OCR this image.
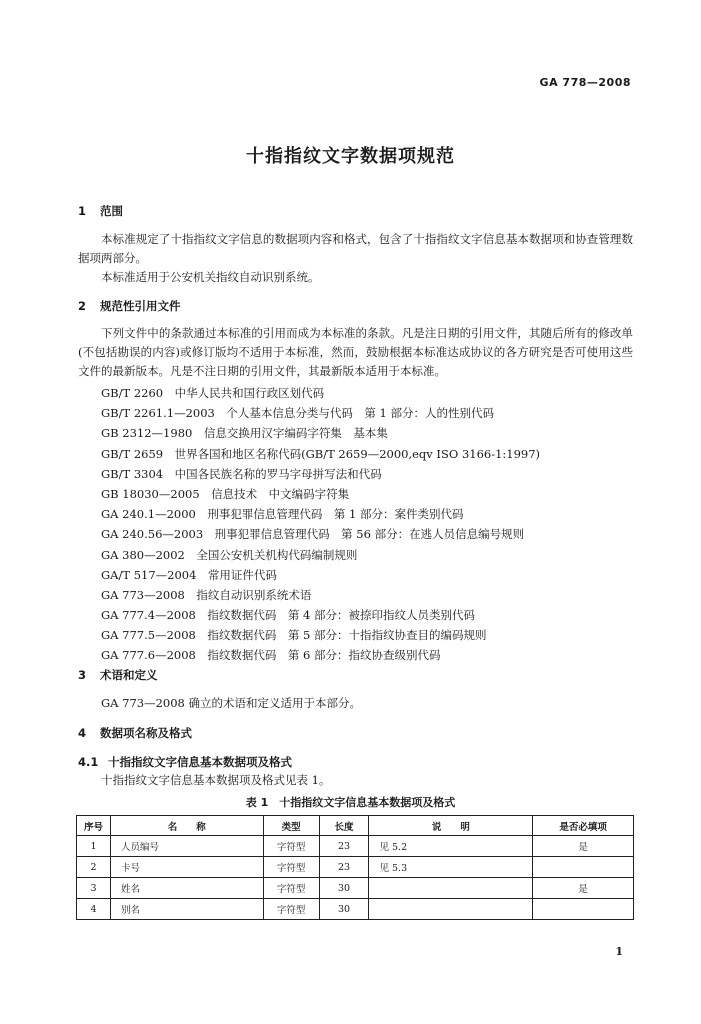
GA 778—2008
十指指纹文字数据项规范
1 范围
本标准规定了十指指纹文字信息的数据项内容和格式，包含了十指指纹文字信息基本数据项和协查管理数据项两部分。
本标准适用于公安机关指纹自动识别系统。
2 规范性引用文件
下列文件中的条款通过本标准的引用而成为本标准的条款。凡是注日期的引用文件，其随后所有的修改单(不包括勘误的内容)或修订版均不适用于本标准，然而，鼓励根据本标准达成协议的各方研究是否可使用这些文件的最新版本。凡是不注日期的引用文件，其最新版本适用于本标准。
GB/T 2260　中华人民共和国行政区划代码
GB/T 2261.1—2003　个人基本信息分类与代码　第 1 部分：人的性别代码
GB 2312—1980　信息交换用汉字编码字符集　基本集
GB/T 2659　世界各国和地区名称代码(GB/T 2659—2000,eqv ISO 3166-1:1997)
GB/T 3304　中国各民族名称的罗马字母拼写法和代码
GB 18030—2005　信息技术　中文编码字符集
GA 240.1—2000　刑事犯罪信息管理代码　第 1 部分：案件类别代码
GA 240.56—2003　刑事犯罪信息管理代码　第 56 部分：在逃人员信息编号规则
GA 380—2002　全国公安机关机构代码编制规则
GA/T 517—2004　常用证件代码
GA 773—2008　指纹自动识别系统术语
GA 777.4—2008　指纹数据代码　第 4 部分：被捺印指纹人员类别代码
GA 777.5—2008　指纹数据代码　第 5 部分：十指指纹协查目的编码规则
GA 777.6—2008　指纹数据代码　第 6 部分：指纹协查级别代码
3 术语和定义
GA 773—2008 确立的术语和定义适用于本部分。
4 数据项名称及格式
4.1 十指指纹文字信息基本数据项及格式
十指指纹文字信息基本数据项及格式见表 1。
表 1　十指指纹文字信息基本数据项及格式
序号	名　　称	类型	长度	说　　明	是否必填项
1	人员编号	字符型	23	见 5.2	是
2	卡号	字符型	23	见 5.3	
3	姓名	字符型	30		是
4	别名	字符型	30		
1
